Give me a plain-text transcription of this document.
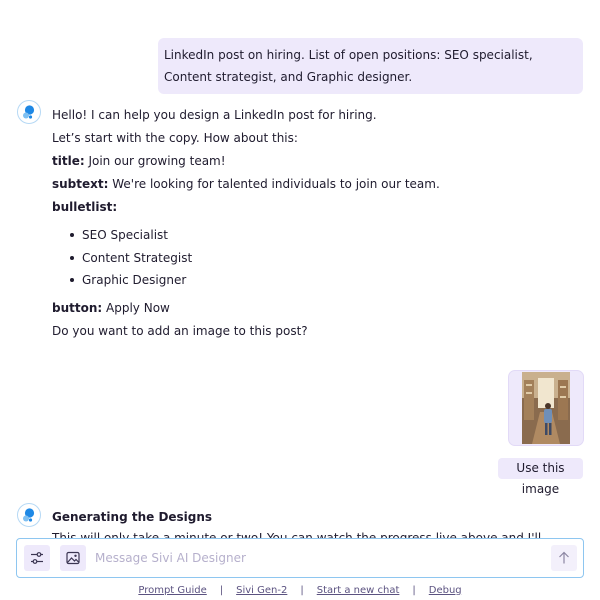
LinkedIn post on hiring. List of open positions: SEO specialist, Content strategist, and Graphic designer.

Hello! I can help you design a LinkedIn post for hiring.

Let’s start with the copy. How about this:

title: Join our growing team!

subtext: We're looking for talented individuals to join our team.

bulletlist:

SEO Specialist
Content Strategist
Graphic Designer

button: Apply Now

Do you want to add an image to this post?

Use this image
Generating the Designs
Message Sivi AI Designer
Prompt Guide | Sivi Gen-2 | Start a new chat | Debug
